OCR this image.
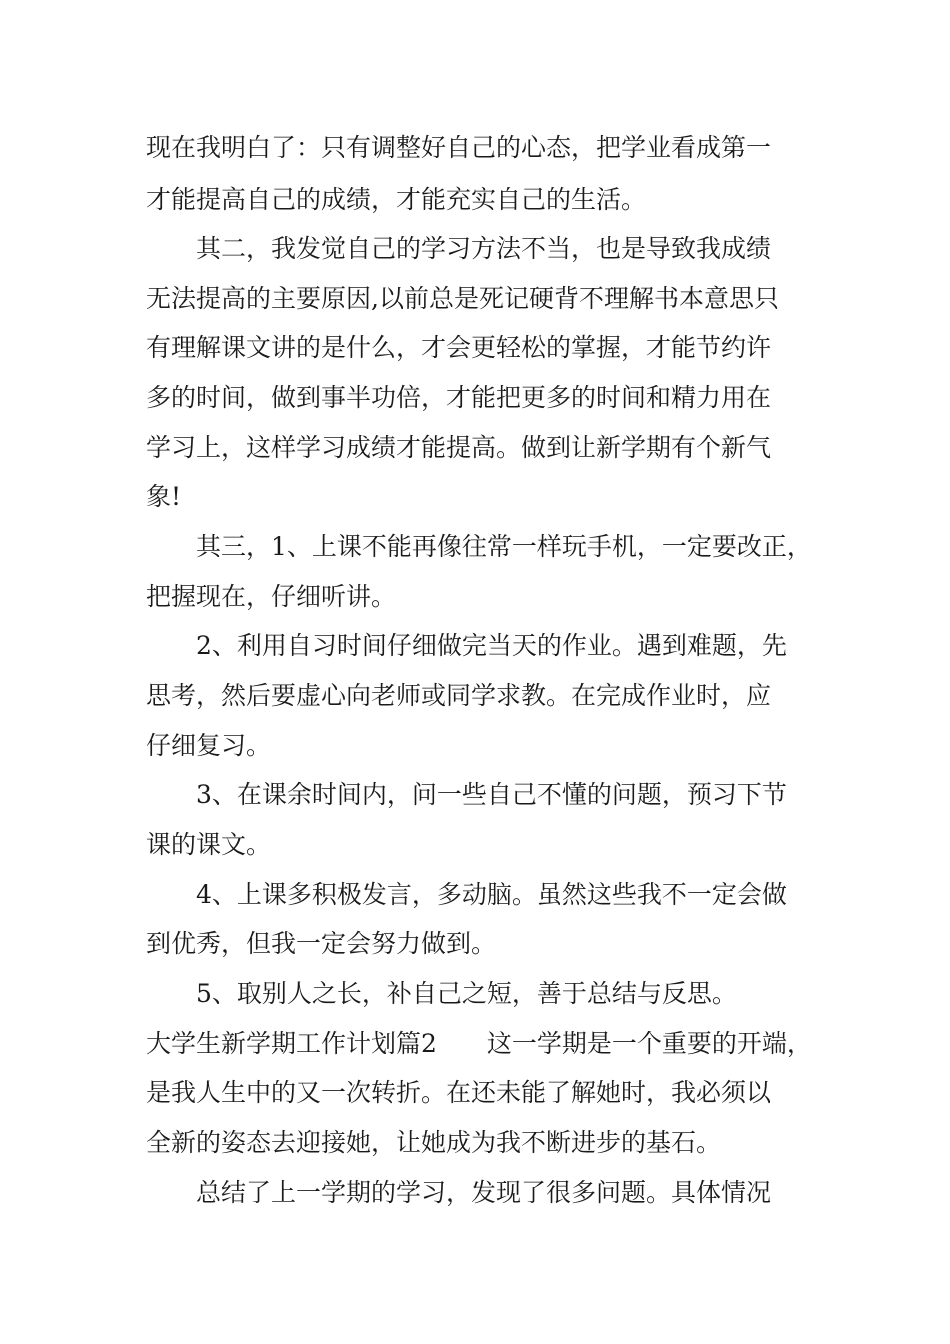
现在我明白了：只有调整好自己的心态，把学业看成第一
才能提高自己的成绩，才能充实自己的生活。
其二，我发觉自己的学习方法不当，也是导致我成绩
无法提高的主要原因,以前总是死记硬背不理解书本意思只
有理解课文讲的是什么，才会更轻松的掌握，才能节约许
多的时间，做到事半功倍，才能把更多的时间和精力用在
学习上，这样学习成绩才能提高。做到让新学期有个新气
象!
其三，1、上课不能再像往常一样玩手机，一定要改正，
把握现在，仔细听讲。
2、利用自习时间仔细做完当天的作业。遇到难题，先
思考，然后要虚心向老师或同学求教。在完成作业时，应
仔细复习。
3、在课余时间内，问一些自己不懂的问题，预习下节
课的课文。
4、上课多积极发言，多动脑。虽然这些我不一定会做
到优秀，但我一定会努力做到。
5、取别人之长，补自己之短，善于总结与反思。
大学生新学期工作计划篇2　　这一学期是一个重要的开端，
是我人生中的又一次转折。在还未能了解她时，我必须以
全新的姿态去迎接她，让她成为我不断进步的基石。
总结了上一学期的学习，发现了很多问题。具体情况
